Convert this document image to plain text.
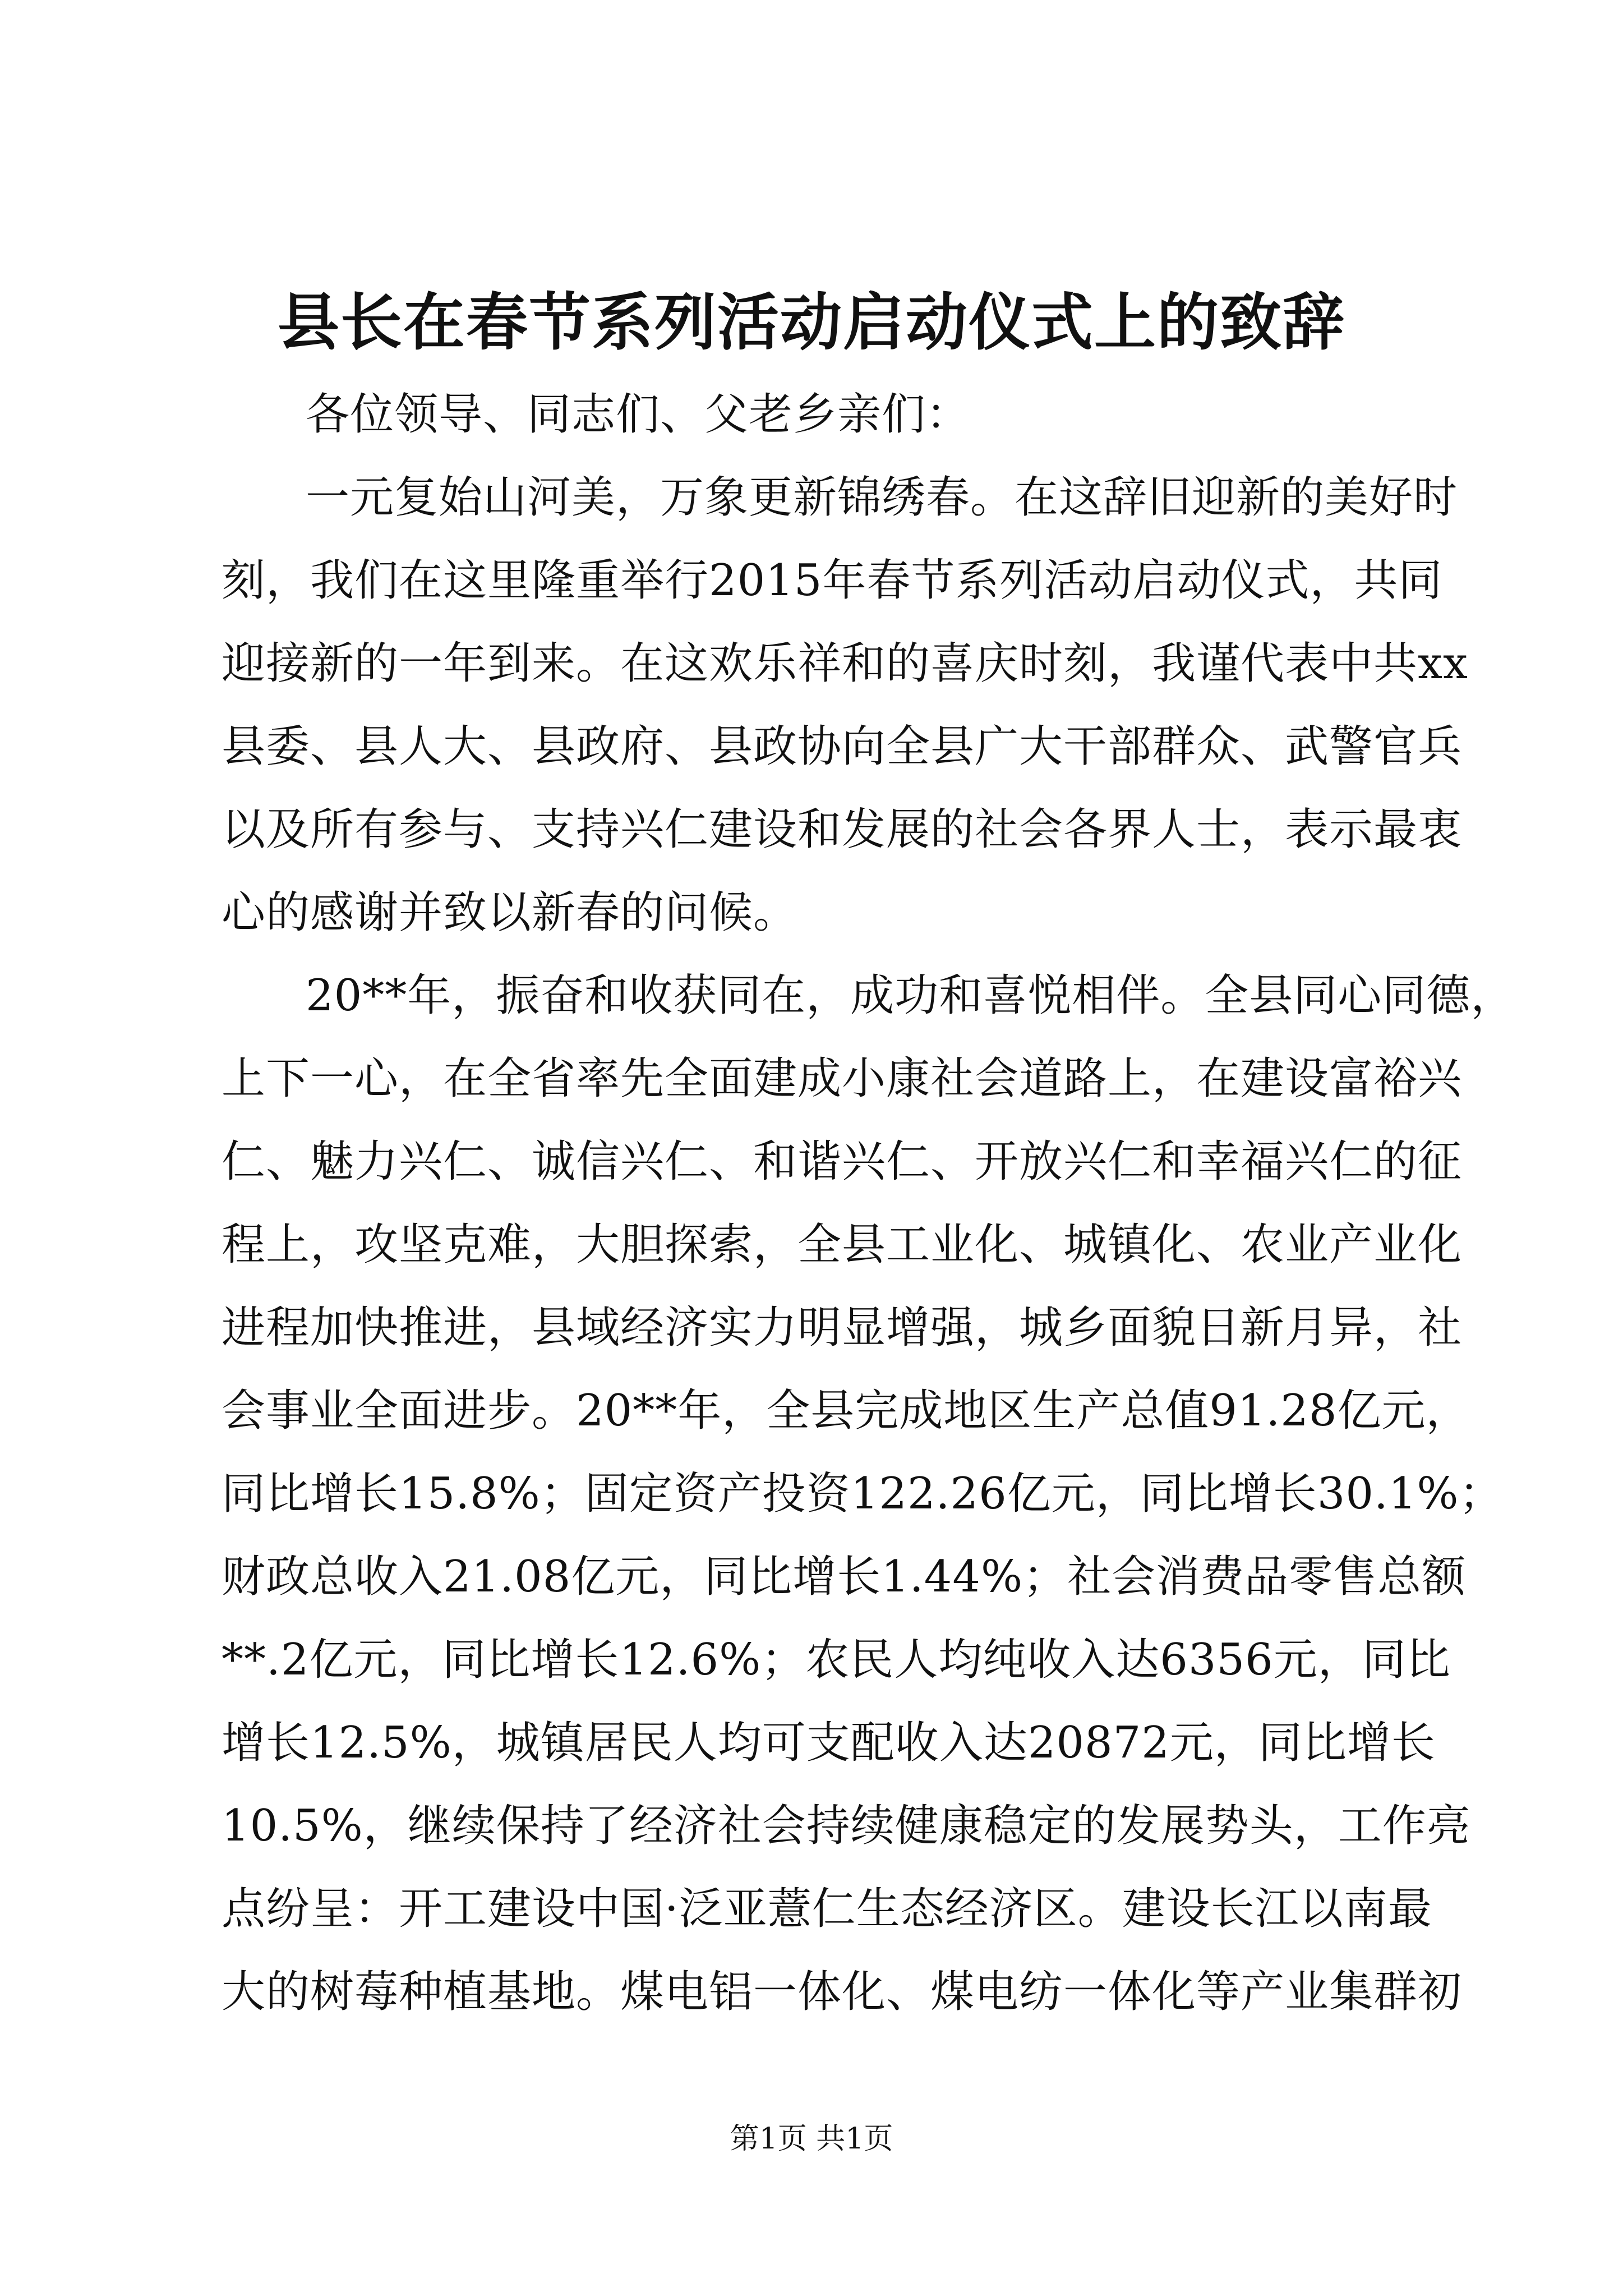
县长在春节系列活动启动仪式上的致辞
各位领导、同志们、父老乡亲们：
一元复始山河美，万象更新锦绣春。在这辞旧迎新的美好时
刻，我们在这里隆重举行2015年春节系列活动启动仪式，共同
迎接新的一年到来。在这欢乐祥和的喜庆时刻，我谨代表中共xx
县委、县人大、县政府、县政协向全县广大干部群众、武警官兵
以及所有参与、支持兴仁建设和发展的社会各界人士，表示最衷
心的感谢并致以新春的问候。
20**年，振奋和收获同在，成功和喜悦相伴。全县同心同德，
上下一心，在全省率先全面建成小康社会道路上，在建设富裕兴
仁、魅力兴仁、诚信兴仁、和谐兴仁、开放兴仁和幸福兴仁的征
程上，攻坚克难，大胆探索，全县工业化、城镇化、农业产业化
进程加快推进，县域经济实力明显增强，城乡面貌日新月异，社
会事业全面进步。20**年，全县完成地区生产总值91.28亿元，
同比增长15.8%；固定资产投资122.26亿元，同比增长30.1%；
财政总收入21.08亿元，同比增长1.44%；社会消费品零售总额
**.2亿元，同比增长12.6%；农民人均纯收入达6356元，同比
增长12.5%，城镇居民人均可支配收入达20872元，同比增长
10.5%，继续保持了经济社会持续健康稳定的发展势头，工作亮
点纷呈：开工建设中国·泛亚薏仁生态经济区。建设长江以南最
大的树莓种植基地。煤电铝一体化、煤电纺一体化等产业集群初
第1页 共1页
